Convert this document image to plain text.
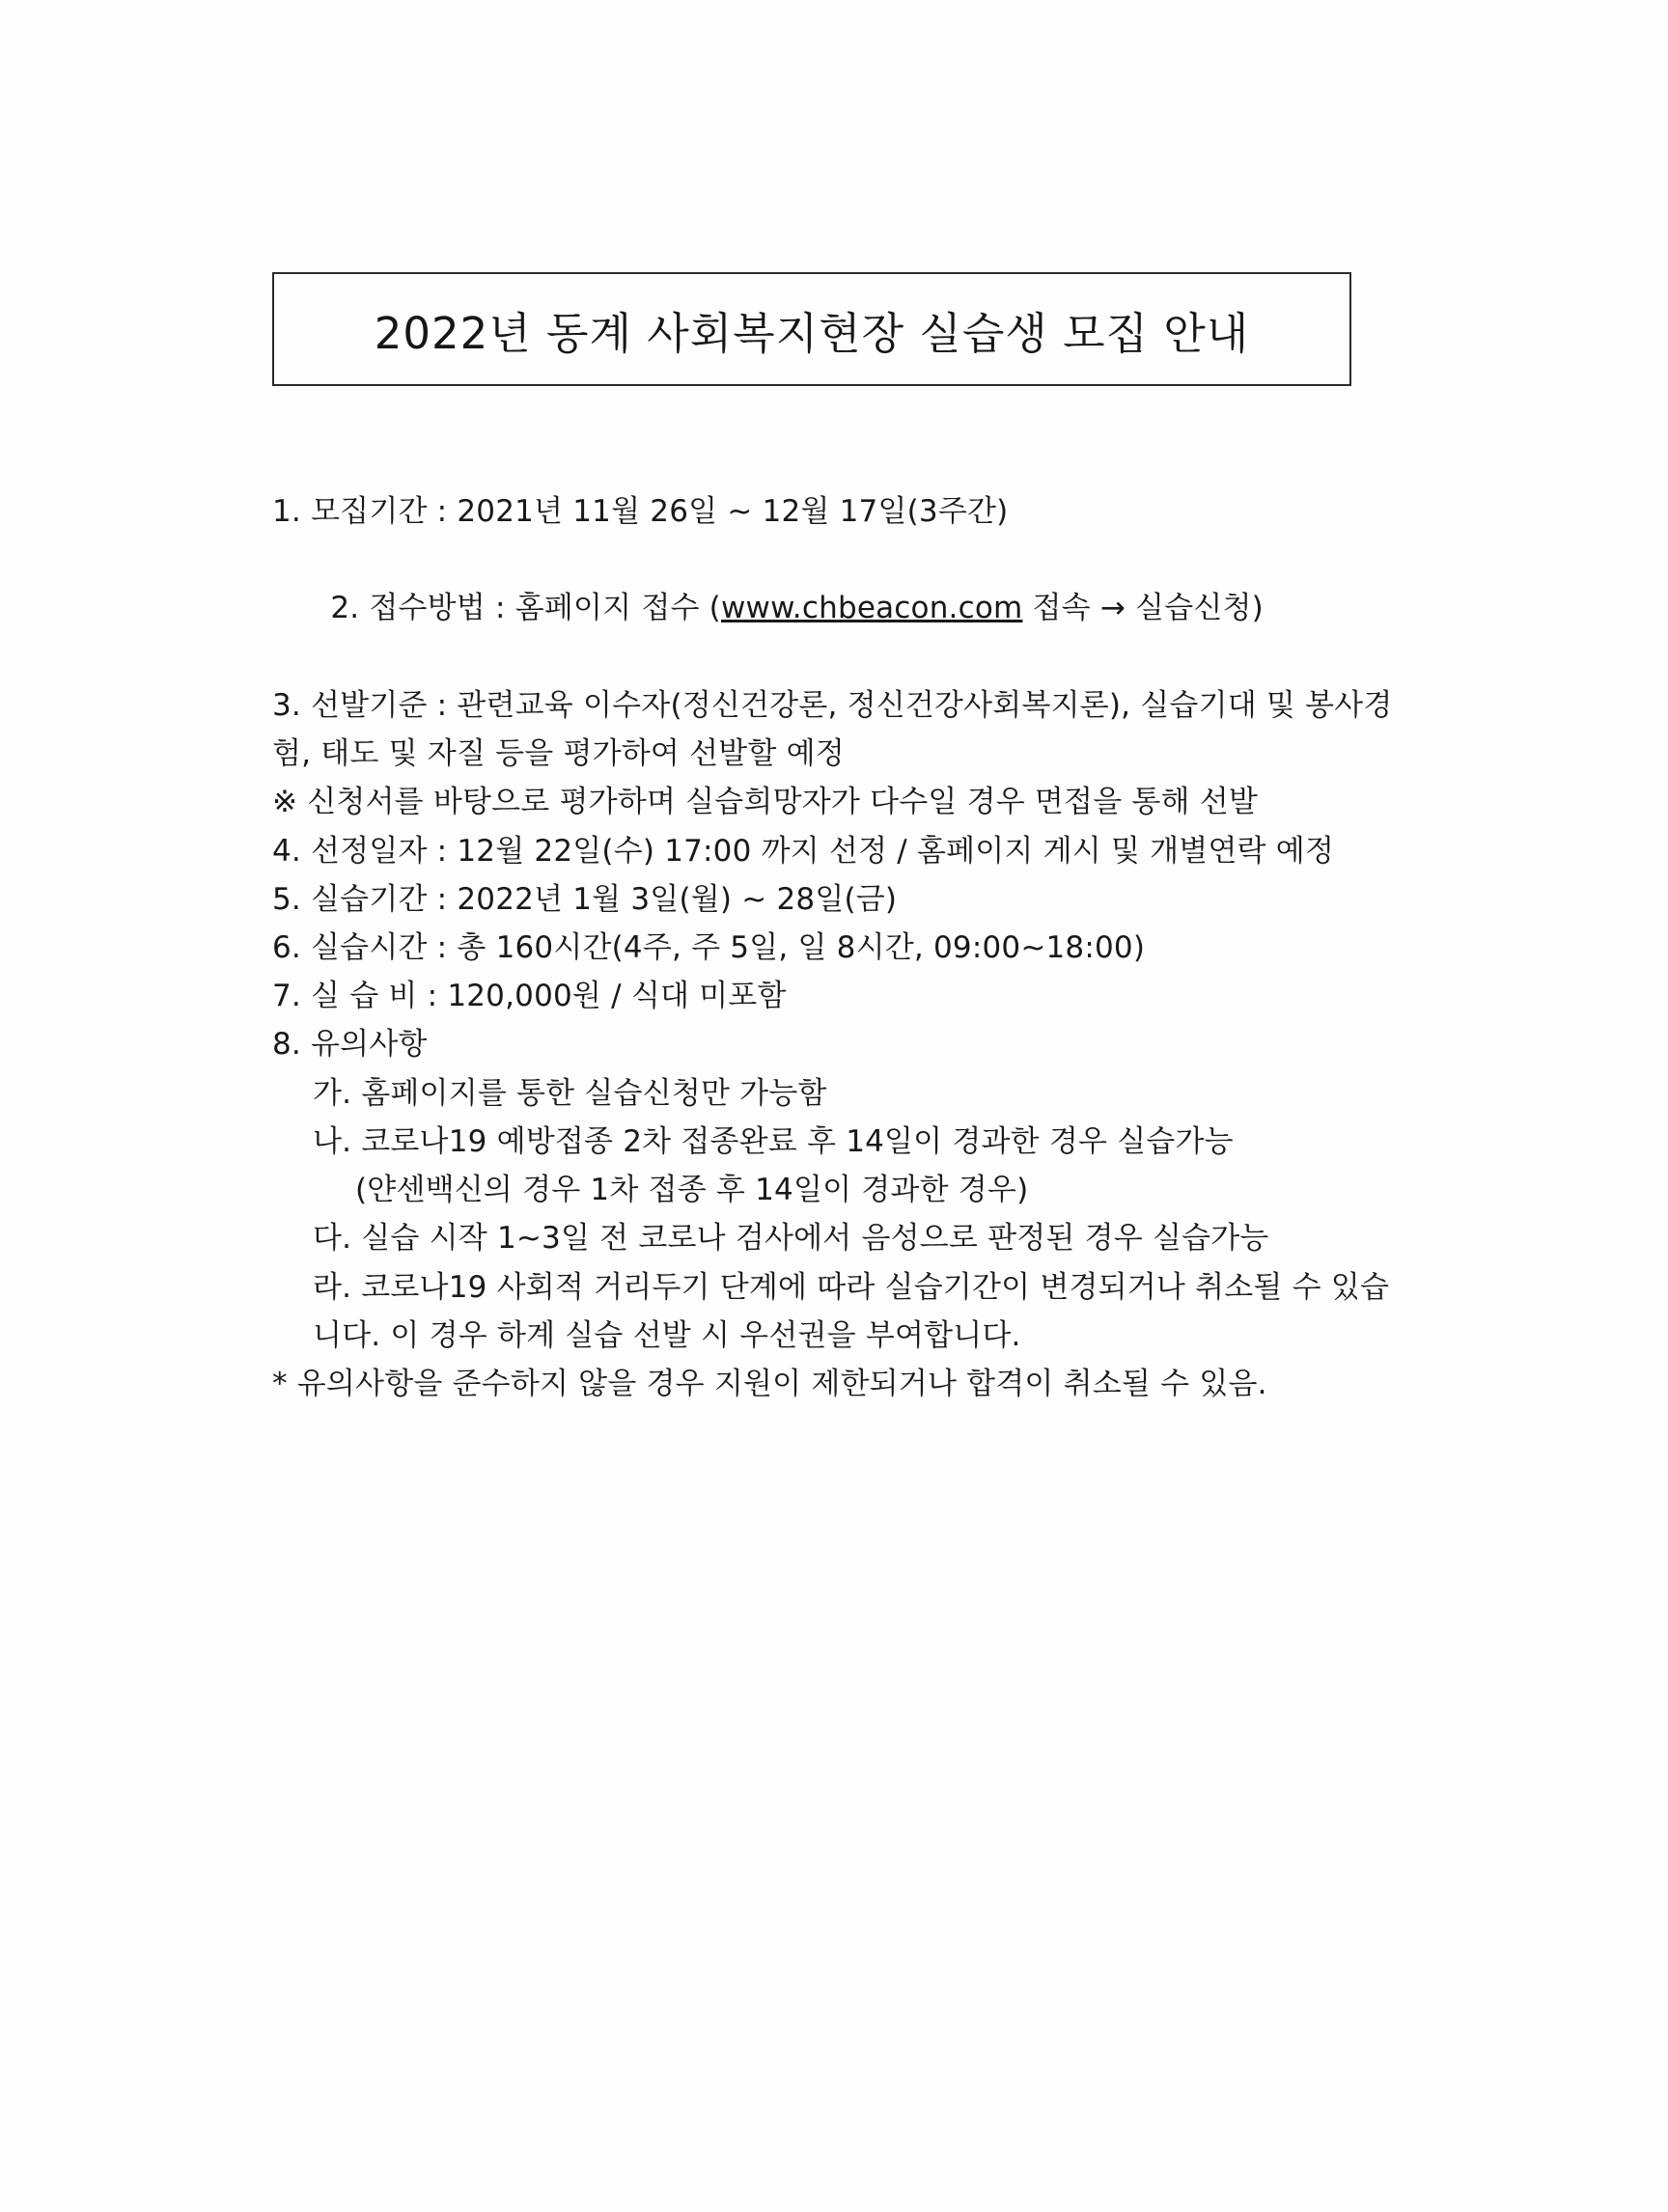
2022년 동계 사회복지현장 실습생 모집 안내
1. 모집기간 : 2021년 11월 26일 ~ 12월 17일(3주간)

2. 접수방법 : 홈페이지 접수 (www.chbeacon.com 접속 → 실습신청)

3. 선발기준 : 관련교육 이수자(정신건강론, 정신건강사회복지론), 실습기대 및 봉사경험, 태도 및 자질 등을 평가하여 선발할 예정
※ 신청서를 바탕으로 평가하며 실습희망자가 다수일 경우 면접을 통해 선발
4. 선정일자 : 12월 22일(수) 17:00 까지 선정 / 홈페이지 게시 및 개별연락 예정
5. 실습기간 : 2022년 1월 3일(월) ~ 28일(금)
6. 실습시간 : 총 160시간(4주, 주 5일, 일 8시간, 09:00~18:00)
7. 실 습 비 : 120,000원 / 식대 미포함
8. 유의사항
가. 홈페이지를 통한 실습신청만 가능함
나. 코로나19 예방접종 2차 접종완료 후 14일이 경과한 경우 실습가능
(얀센백신의 경우 1차 접종 후 14일이 경과한 경우)
다. 실습 시작 1~3일 전 코로나 검사에서 음성으로 판정된 경우 실습가능
라. 코로나19 사회적 거리두기 단계에 따라 실습기간이 변경되거나 취소될 수 있습니다. 이 경우 하계 실습 선발 시 우선권을 부여합니다.
* 유의사항을 준수하지 않을 경우 지원이 제한되거나 합격이 취소될 수 있음.
